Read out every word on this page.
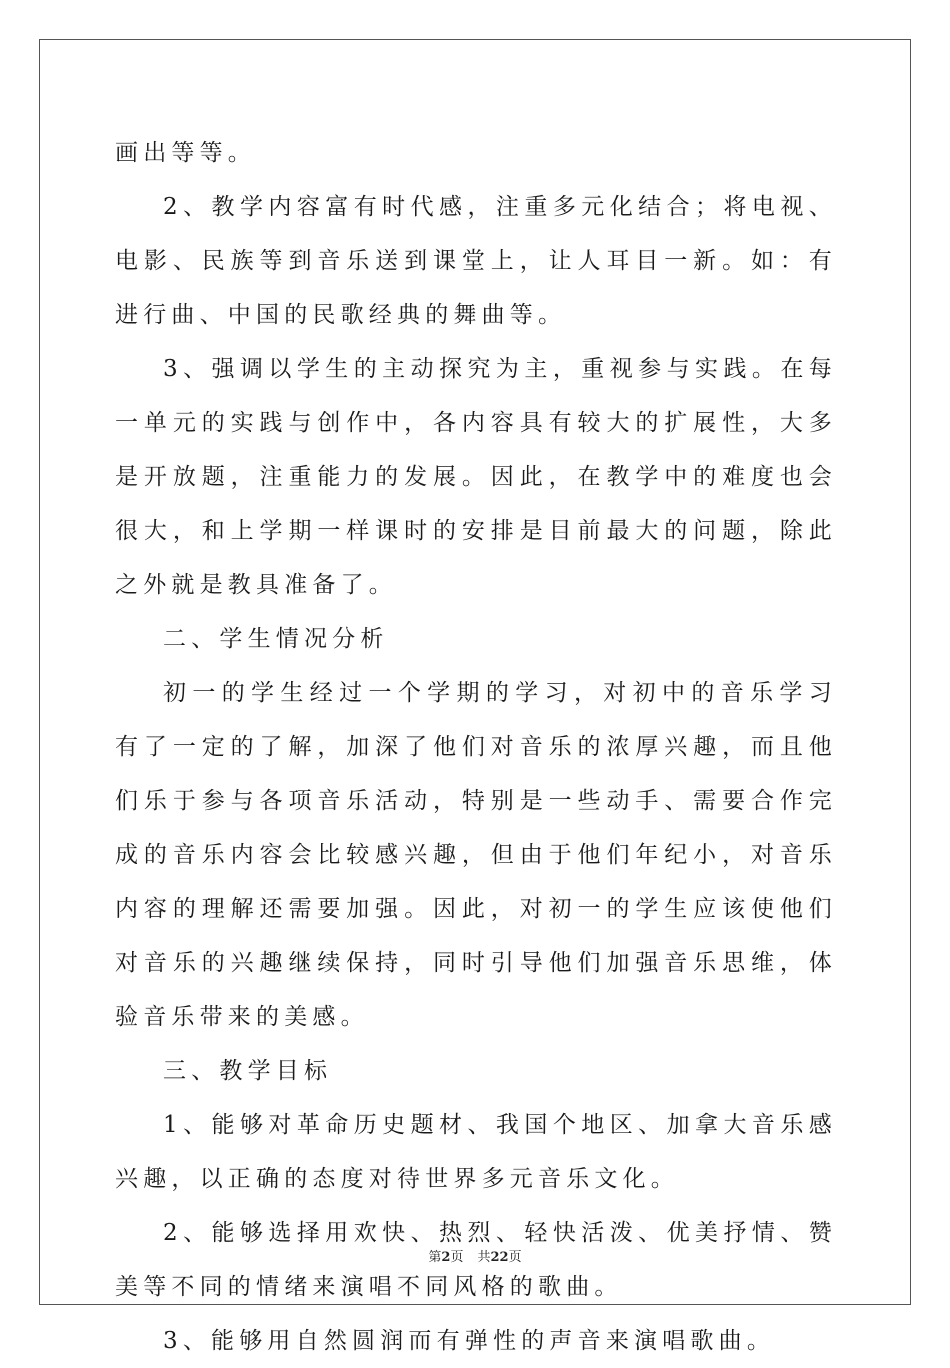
画出等等。

2、教学内容富有时代感，注重多元化结合；将电视、电影、民族等到音乐送到课堂上，让人耳目一新。如：有进行曲、中国的民歌经典的舞曲等。

3、强调以学生的主动探究为主，重视参与实践。在每一单元的实践与创作中，各内容具有较大的扩展性，大多是开放题，注重能力的发展。因此，在教学中的难度也会很大，和上学期一样课时的安排是目前最大的问题，除此之外就是教具准备了。

二、学生情况分析

初一的学生经过一个学期的学习，对初中的音乐学习有了一定的了解，加深了他们对音乐的浓厚兴趣，而且他们乐于参与各项音乐活动，特别是一些动手、需要合作完成的音乐内容会比较感兴趣，但由于他们年纪小，对音乐内容的理解还需要加强。因此，对初一的学生应该使他们对音乐的兴趣继续保持，同时引导他们加强音乐思维，体验音乐带来的美感。

三、教学目标

1、能够对革命历史题材、我国个地区、加拿大音乐感兴趣，以正确的态度对待世界多元音乐文化。

2、能够选择用欢快、热烈、轻快活泼、优美抒情、赞美等不同的情绪来演唱不同风格的歌曲。

3、能够用自然圆润而有弹性的声音来演唱歌曲。

第2页 共22页
